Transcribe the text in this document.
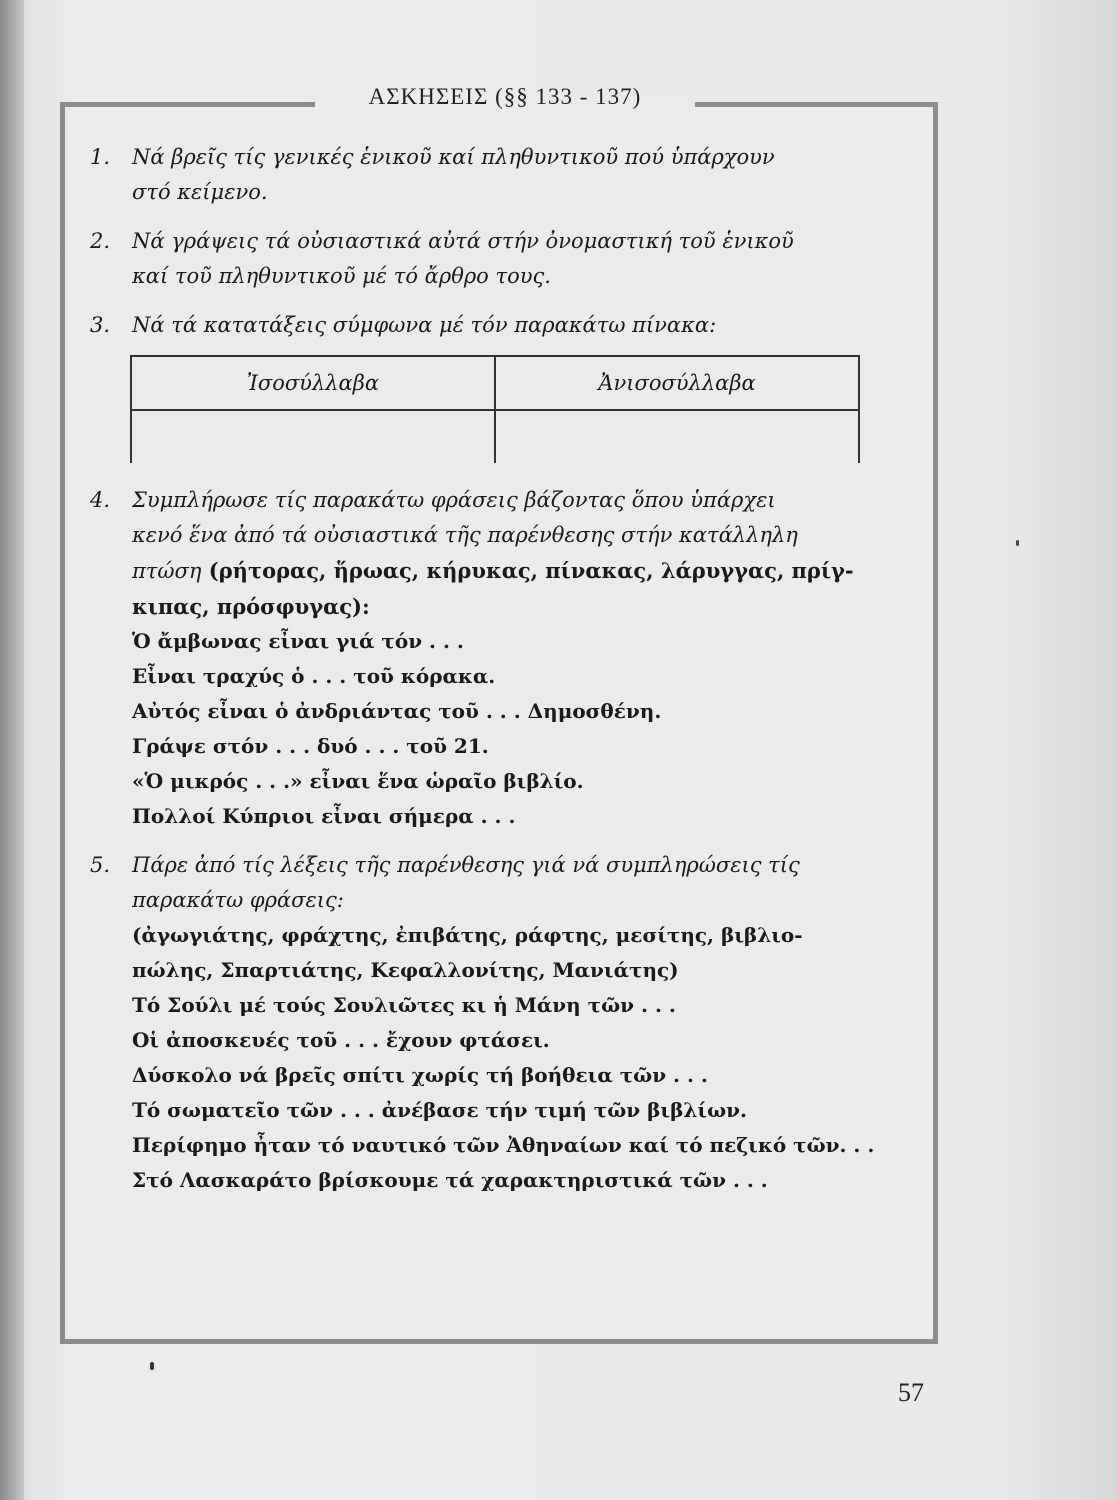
ΑΣΚΗΣΕΙΣ (§§ 133 - 137)
1. Νά βρεῖς τίς γενικές ἑνικοῦ καί πληθυντικοῦ πού ὑπάρχουν
στό κείμενο.
2. Νά γράψεις τά οὐσιαστικά αὐτά στήν ὀνομαστική τοῦ ἑνικοῦ
καί τοῦ πληθυντικοῦ μέ τό ἄρθρο τους.
3. Νά τά κατατάξεις σύμφωνα μέ τόν παρακάτω πίνακα:
Ἰσοσύλλαβα	Ἀνισοσύλλαβα

4. Συμπλήρωσε τίς παρακάτω φράσεις βάζοντας ὅπου ὑπάρχει
κενό ἕνα ἀπό τά οὐσιαστικά τῆς παρένθεσης στήν κατάλληλη
πτώση (ρήτορας, ἥρωας, κήρυκας, πίνακας, λάρυγγας, πρίγ-
κιπας, πρόσφυγας):
Ὁ ἄμβωνας εἶναι γιά τόν . . .
Εἶναι τραχύς ὁ . . . τοῦ κόρακα.
Αὐτός εἶναι ὁ ἀνδριάντας τοῦ . . . Δημοσθένη.
Γράψε στόν . . . δυό . . . τοῦ 21.
«Ὁ μικρός . . .» εἶναι ἕνα ὡραῖο βιβλίο.
Πολλοί Κύπριοι εἶναι σήμερα . . .
5. Πάρε ἀπό τίς λέξεις τῆς παρένθεσης γιά νά συμπληρώσεις τίς
παρακάτω φράσεις:
(ἀγωγιάτης, φράχτης, ἐπιβάτης, ράφτης, μεσίτης, βιβλιο-
πώλης, Σπαρτιάτης, Κεφαλλονίτης, Μανιάτης)
Τό Σούλι μέ τούς Σουλιῶτες κι ἡ Μάνη τῶν . . .
Οἱ ἀποσκευές τοῦ . . . ἔχουν φτάσει.
Δύσκολο νά βρεῖς σπίτι χωρίς τή βοήθεια τῶν . . .
Τό σωματεῖο τῶν . . . ἀνέβασε τήν τιμή τῶν βιβλίων.
Περίφημο ἦταν τό ναυτικό τῶν Ἀθηναίων καί τό πεζικό τῶν. . .
Στό Λασκαράτο βρίσκουμε τά χαρακτηριστικά τῶν . . .
57
